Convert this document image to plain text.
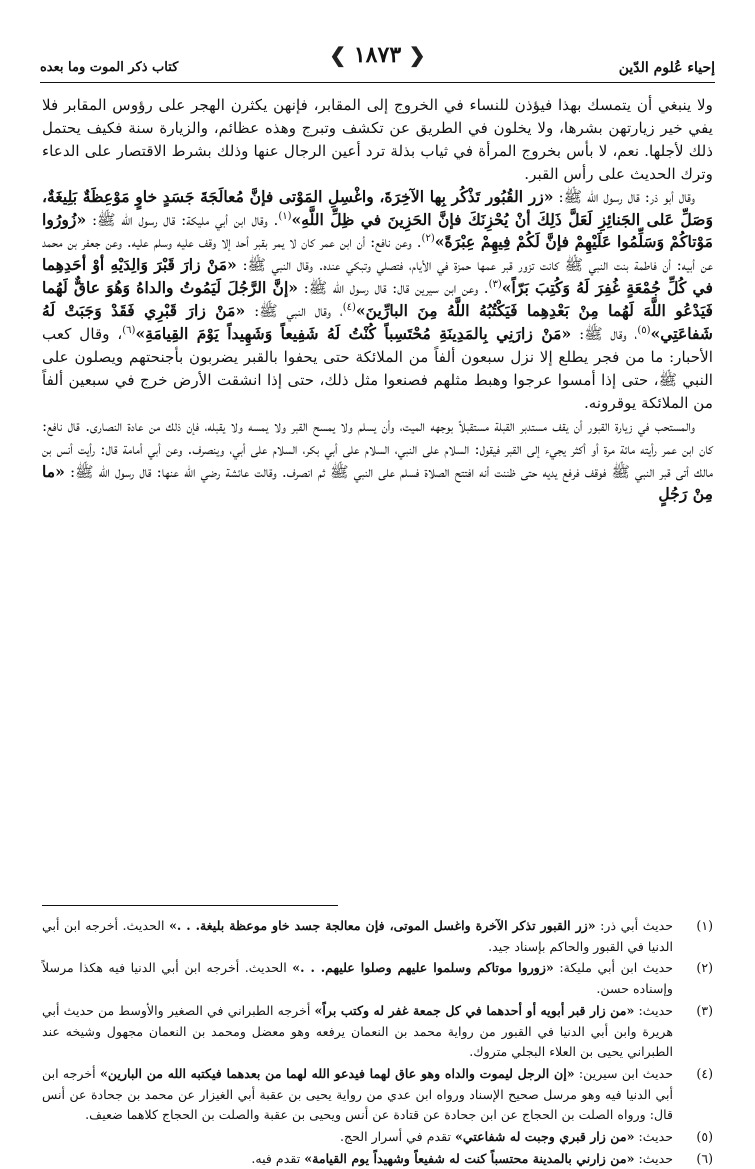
إحياء عُلوم الدّين
❮ ١٨٧٣ ❯
كتاب ذكر الموت وما بعده

ولا ينبغي أن يتمسك بهذا فيؤذن للنساء في الخروج إلى المقابر، فإنهن يكثرن الهجر على رؤوس المقابر فلا يفي خير زيارتهن بشرها، ولا يخلون في الطريق عن تكشف وتبرج وهذه عظائم، والزيارة سنة فكيف يحتمل ذلك لأجلها. نعم، لا بأس بخروج المرأة في ثياب بذلة ترد أعين الرجال عنها وذلك بشرط الاقتصار على الدعاء وترك الحديث على رأس القبر.

وقال أبو ذر: قال رسول الله ﷺ: «زر القُبُور تَذْكُر بِها الآخِرَةَ، واغْسِلِ المَوْتى فإنَّ مُعالَجَةَ جَسَدٍ خاوٍ مَوْعِظَةٌ بَلِيغَةٌ، وَصَلِّ عَلى الجَنائِزِ لَعَلَّ ذَلِكَ أنْ يُحْزِنَكَ فإنَّ الحَزِينَ في ظِلِّ اللَّهِ»$^{(١)}$. وقال ابن أبي مليكة: قال رسول الله ﷺ: «زُورُوا مَوْتاكُمْ وَسَلِّمُوا عَلَيْهِمْ فإنَّ لَكُمْ فِيهِمْ عِبْرَةً»$^{(٢)}$. وعن نافع: أن ابن عمر كان لا يمر بقبر أحد إلا وقف عليه وسلم عليه. وعن جعفر بن محمد عن أبيه: أن فاطمة بنت النبي ﷺ كانت تزور قبر عمها حمزة في الأيام، فتصلي وتبكي عنده. وقال النبي ﷺ: «مَنْ زارَ قَبْرَ وَالِدَيْهِ أوْ أحَدِهِما في كُلِّ جُمْعَةٍ غُفِرَ لَهُ وَكُتِبَ بَرّاً»$^{(٣)}$. وعن ابن سيرين قال: قال رسول الله ﷺ: «إنَّ الرَّجُلَ لَيَمُوتُ والداهُ وَهُوَ عاقٌّ لَهُما فَيَدْعُو اللَّهَ لَهُما مِنْ بَعْدِهِما فَيَكْتُبُهُ اللَّهُ مِنَ البارِّينَ»$^{(٤)}$، وقال النبي ﷺ: «مَنْ زارَ قَبْرِي فَقَدْ وَجَبَتْ لَهُ شَفاعَتِي»$^{(٥)}$، وقال ﷺ: «مَنْ زارَنِي بِالمَدِينَةِ مُحْتَسِباً كُنْتُ لَهُ شَفِيعاً وَشَهِيداً يَوْمَ القِيامَةِ»$^{(٦)}$، وقال كعب الأحبار: ما من فجر يطلع إلا نزل سبعون ألفاً من الملائكة حتى يحفوا بالقبر يضربون بأجنحتهم ويصلون على النبي ﷺ، حتى إذا أمسوا عرجوا وهبط مثلهم فصنعوا مثل ذلك، حتى إذا انشقت الأرض خرج في سبعين ألفاً من الملائكة يوقرونه.

والمستحب في زيارة القبور أن يقف مستدبر القبلة مستقبلاً بوجهه الميت، وأن يسلم ولا يمسح القبر ولا يمسه ولا يقبله، فإن ذلك من عادة النصارى. قال نافع: كان ابن عمر رأيته مائة مرة أو أكثر يجيء إلى القبر فيقول: السلام على النبي، السلام على أبي بكر، السلام على أبي، وينصرف. وعن أبي أمامة قال: رأيت أنس بن مالك أتى قبر النبي ﷺ فوقف فرفع يديه حتى ظننت أنه افتتح الصلاة فسلم على النبي ﷺ ثم انصرف. وقالت عائشة رضي الله عنها: قال رسول الله ﷺ: «ما مِنْ رَجُلٍ

(١)
حديث أبي ذر: «زر القبور تذكر الآخرة واغسل الموتى، فإن معالجة جسد خاو موعظة بليغة. . .» الحديث. أخرجه ابن أبي الدنيا في القبور والحاكم بإسناد جيد.
(٢)
حديث ابن أبي مليكة: «زوروا موتاكم وسلموا عليهم وصلوا عليهم. . .» الحديث. أخرجه ابن أبي الدنيا فيه هكذا مرسلاً وإسناده حسن.
(٣)
حديث: «من زار قبر أبويه أو أحدهما في كل جمعة غفر له وكتب براً» أخرجه الطبراني في الصغير والأوسط من حديث أبي هريرة وابن أبي الدنيا في القبور من رواية محمد بن النعمان يرفعه وهو معضل ومحمد بن النعمان مجهول وشيخه عند الطبراني يحيى بن العلاء البجلي متروك.
(٤)
حديث ابن سيرين: «إن الرجل ليموت والداه وهو عاق لهما فيدعو الله لهما من بعدهما فيكتبه الله من البارين» أخرجه ابن أبي الدنيا فيه وهو مرسل صحيح الإسناد ورواه ابن عدي من رواية يحيى بن عقبة أبي الغيزار عن محمد بن جحادة عن أنس قال: ورواه الصلت بن الحجاج عن ابن جحادة عن قتادة عن أنس ويحيى بن عقبة والصلت بن الحجاج كلاهما ضعيف.
(٥)
حديث: «من زار قبري وجبت له شفاعتي» تقدم في أسرار الحج.
(٦)
حديث: «من زارني بالمدينة محتسباً كنت له شفيعاً وشهيداً يوم القيامة» تقدم فيه.
